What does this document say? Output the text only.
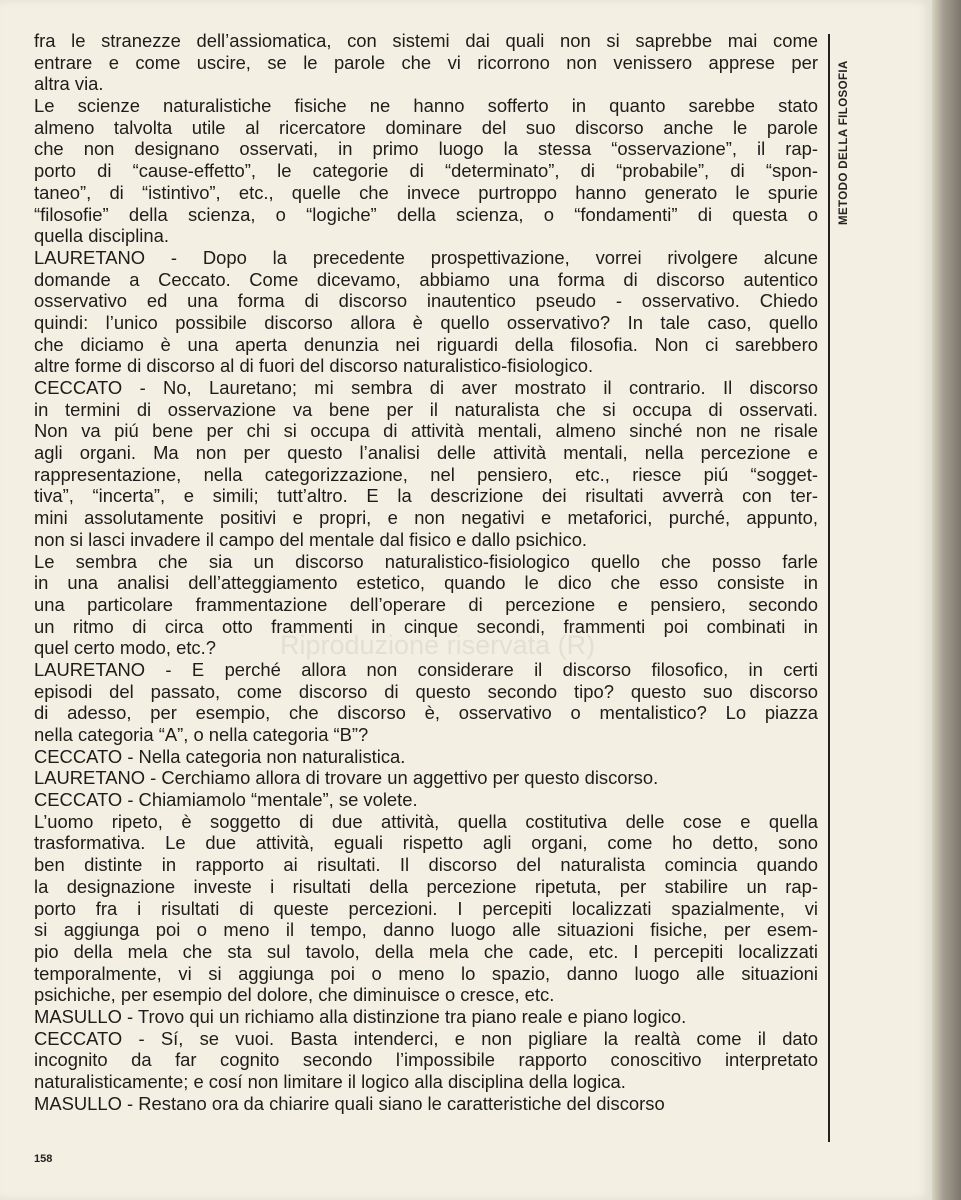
fra le stranezze dell’assiomatica, con sistemi dai quali non si saprebbe mai come
entrare e come uscire, se le parole che vi ricorrono non venissero apprese per
altra via.
Le scienze naturalistiche fisiche ne hanno sofferto in quanto sarebbe stato
almeno talvolta utile al ricercatore dominare del suo discorso anche le parole
che non designano osservati, in primo luogo la stessa “osservazione”, il rap-
porto di “cause-effetto”, le categorie di “determinato”, di “probabile”, di “spon-
taneo”, di “istintivo”, etc., quelle che invece purtroppo hanno generato le spurie
“filosofie” della scienza, o “logiche” della scienza, o “fondamenti” di questa o
quella disciplina.
LAURETANO - Dopo la precedente prospettivazione, vorrei rivolgere alcune
domande a Ceccato. Come dicevamo, abbiamo una forma di discorso autentico
osservativo ed una forma di discorso inautentico pseudo - osservativo. Chiedo
quindi: l’unico possibile discorso allora è quello osservativo? In tale caso, quello
che diciamo è una aperta denunzia nei riguardi della filosofia. Non ci sarebbero
altre forme di discorso al di fuori del discorso naturalistico-fisiologico.
CECCATO - No, Lauretano; mi sembra di aver mostrato il contrario. Il discorso
in termini di osservazione va bene per il naturalista che si occupa di osservati.
Non va piú bene per chi si occupa di attività mentali, almeno sinché non ne risale
agli organi. Ma non per questo l’analisi delle attività mentali, nella percezione e
rappresentazione, nella categorizzazione, nel pensiero, etc., riesce piú “sogget-
tiva”, “incerta”, e simili; tutt’altro. E la descrizione dei risultati avverrà con ter-
mini assolutamente positivi e propri, e non negativi e metaforici, purché, appunto,
non si lasci invadere il campo del mentale dal fisico e dallo psichico.
Le sembra che sia un discorso naturalistico-fisiologico quello che posso farle
in una analisi dell’atteggiamento estetico, quando le dico che esso consiste in
una particolare frammentazione dell’operare di percezione e pensiero, secondo
un ritmo di circa otto frammenti in cinque secondi, frammenti poi combinati in
quel certo modo, etc.?
LAURETANO - E perché allora non considerare il discorso filosofico, in certi
episodi del passato, come discorso di questo secondo tipo? questo suo discorso
di adesso, per esempio, che discorso è, osservativo o mentalistico? Lo piazza
nella categoria “A”, o nella categoria “B”?
CECCATO - Nella categoria non naturalistica.
LAURETANO - Cerchiamo allora di trovare un aggettivo per questo discorso.
CECCATO - Chiamiamolo “mentale”, se volete.
L’uomo ripeto, è soggetto di due attività, quella costitutiva delle cose e quella
trasformativa. Le due attività, eguali rispetto agli organi, come ho detto, sono
ben distinte in rapporto ai risultati. Il discorso del naturalista comincia quando
la designazione investe i risultati della percezione ripetuta, per stabilire un rap-
porto fra i risultati di queste percezioni. I percepiti localizzati spazialmente, vi
si aggiunga poi o meno il tempo, danno luogo alle situazioni fisiche, per esem-
pio della mela che sta sul tavolo, della mela che cade, etc. I percepiti localizzati
temporalmente, vi si aggiunga poi o meno lo spazio, danno luogo alle situazioni
psichiche, per esempio del dolore, che diminuisce o cresce, etc.
MASULLO - Trovo qui un richiamo alla distinzione tra piano reale e piano logico.
CECCATO - Sí, se vuoi. Basta intenderci, e non pigliare la realtà come il dato
incognito da far cognito secondo l’impossibile rapporto conoscitivo interpretato
naturalisticamente; e cosí non limitare il logico alla disciplina della logica.
MASULLO - Restano ora da chiarire quali siano le caratteristiche del discorso
METODO DELLA FILOSOFIA
158
Riproduzione riservata (R)
